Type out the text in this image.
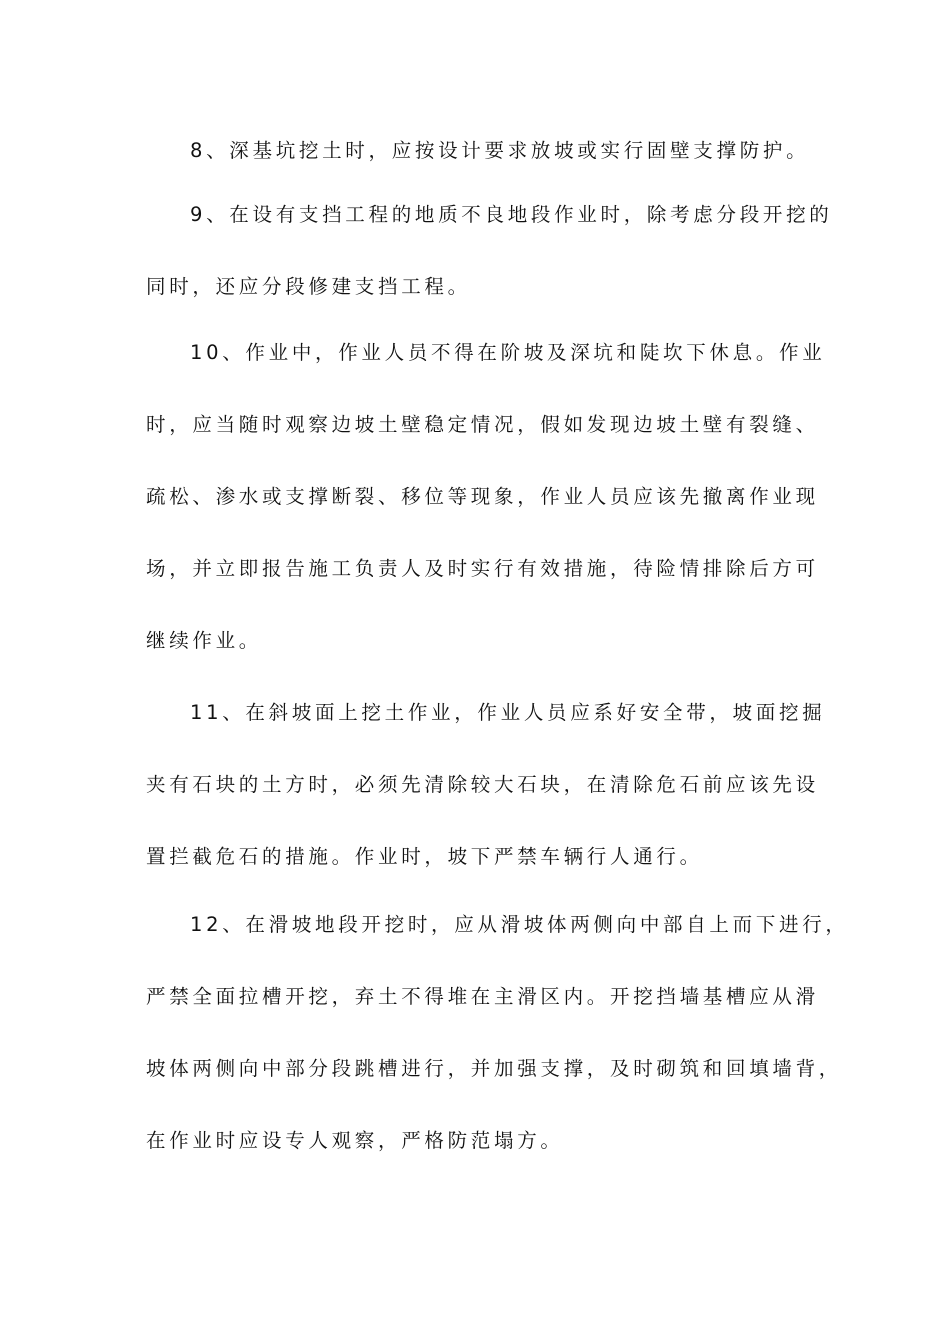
8、深基坑挖土时，应按设计要求放坡或实行固壁支撑防护。
9、在设有支挡工程的地质不良地段作业时，除考虑分段开挖的
同时，还应分段修建支挡工程。
10、作业中，作业人员不得在阶坡及深坑和陡坎下休息。作业
时，应当随时观察边坡土壁稳定情况，假如发现边坡土壁有裂缝、
疏松、渗水或支撑断裂、移位等现象，作业人员应该先撤离作业现
场，并立即报告施工负责人及时实行有效措施，待险情排除后方可
继续作业。
11、在斜坡面上挖土作业，作业人员应系好安全带，坡面挖掘
夹有石块的土方时，必须先清除较大石块，在清除危石前应该先设
置拦截危石的措施。作业时，坡下严禁车辆行人通行。
12、在滑坡地段开挖时，应从滑坡体两侧向中部自上而下进行，
严禁全面拉槽开挖，弃土不得堆在主滑区内。开挖挡墙基槽应从滑
坡体两侧向中部分段跳槽进行，并加强支撑，及时砌筑和回填墙背，
在作业时应设专人观察，严格防范塌方。
